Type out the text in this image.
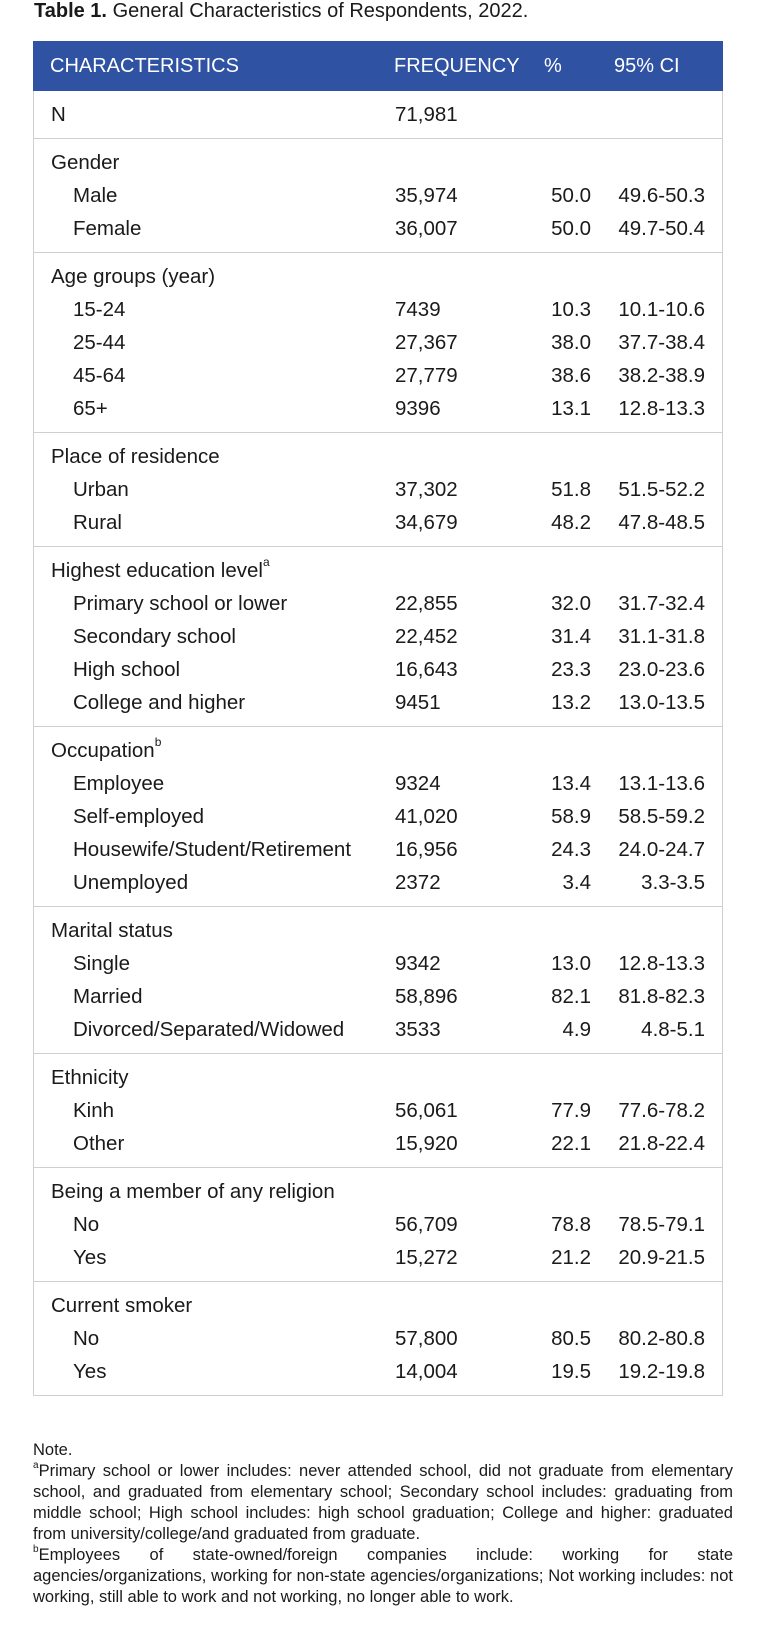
Table 1. General Characteristics of Respondents, 2022.
CHARACTERISTICS	FREQUENCY %	95% CI
N	71,981
Gender
Male	35,974	50.0 49.6-50.3
Female	36,007	50.0 49.7-50.4
Age groups (year)
15-24	7439	10.3 10.1-10.6
25-44	27,367	38.0 37.7-38.4
45-64	27,779	38.6 38.2-38.9
65+	9396	13.1 12.8-13.3
Place of residence
Urban	37,302	51.8 51.5-52.2
Rural	34,679	48.2 47.8-48.5
Highest education level$^a$
Primary school or lower	22,855	32.0 31.7-32.4
Secondary school	22,452	31.4 31.1-31.8
High school	16,643	23.3 23.0-23.6
College and higher	9451	13.2 13.0-13.5
Occupation$^b$
Employee	9324	13.4 13.1-13.6
Self-employed	41,020	58.9 58.5-59.2
Housewife/Student/Retirement 16,956	24.3 24.0-24.7
Unemployed	2372	3.4 3.3-3.5
Marital status
Single	9342	13.0 12.8-13.3
Married	58,896	82.1 81.8-82.3
Divorced/Separated/Widowed 3533	4.9 4.8-5.1
Ethnicity
Kinh	56,061	77.9 77.6-78.2
Other	15,920	22.1 21.8-22.4
Being a member of any religion
No	56,709	78.8 78.5-79.1
Yes	15,272	21.2 20.9-21.5
Current smoker
No	57,800	80.5 80.2-80.8
Yes	14,004	19.5 19.2-19.8

Note.

$^a$Primary school or lower includes: never attended school, did not graduate from elementary school, and graduated from elementary school; Secondary school includes: graduating from middle school; High school includes: high school graduation; College and higher: graduated from university/college/and graduated from graduate.

$^b$Employees of state-owned/foreign companies include: working for state agencies/organizations, working for non-state agencies/organizations; Not working includes: not working, still able to work and not working, no longer able to work.
